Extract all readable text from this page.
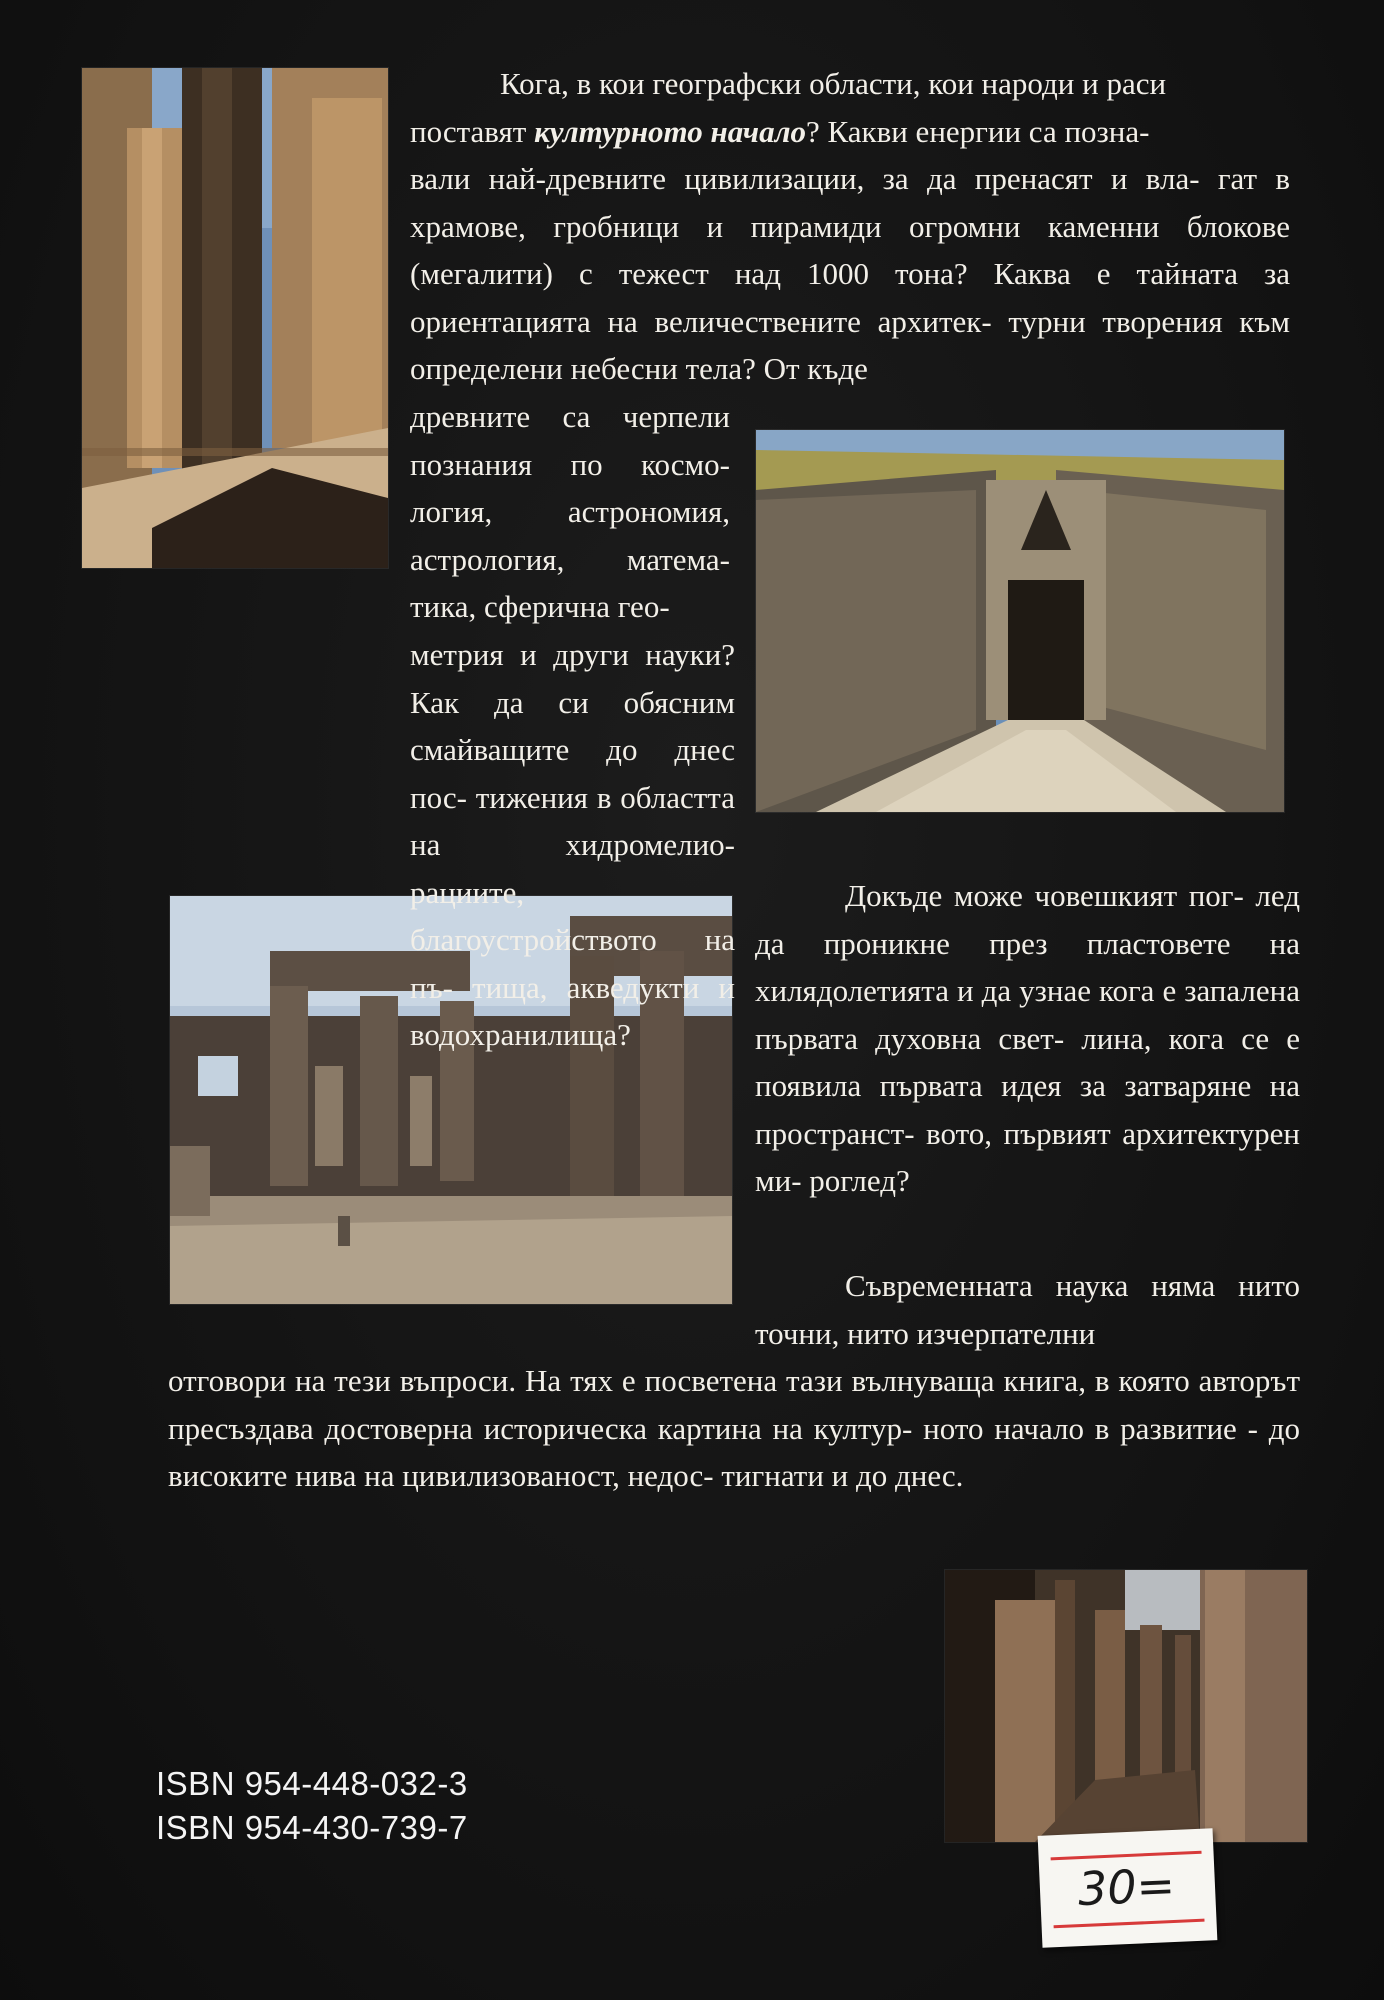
Кога, в кои географски области, кои народи и раси
поставят културното начало? Какви енергии са позна-

вали най-древните цивилизации, за да пренасят и вла- гат в храмове, гробници и пирамиди огромни каменни блокове (мегалити) с тежест над 1000 тона? Каква е тайната за ориентацията на величествените архитек- турни творения към определени небесни тела? От къде

древните са черпели познания по космо- логия, астрономия, астрология, матема- тика, сферична гео-

метрия и други науки? Как да си обясним смайващите до днес пос- тижения в областта на хидромелио- рациите, благоустройството на пъ- тища, акведукти и водохранилища?

Докъде може човешкият пог- лед да проникне през пластовете на хилядолетията и да узнае кога е запалена първата духовна свет- лина, кога се е появила първата идея за затваряне на пространст- вото, първият архитектурен ми- роглед?

Съвременната наука няма нито точни, нито изчерпателни

отговори на тези въпроси. На тях е посветена тази вълнуваща книга, в която авторът пресъздава достоверна историческа картина на култур- ното начало в развитие - до високите нива на цивилизованост, недос- тигнати и до днес.

ISBN 954-448-032-3
ISBN 954-430-739-7
30=
